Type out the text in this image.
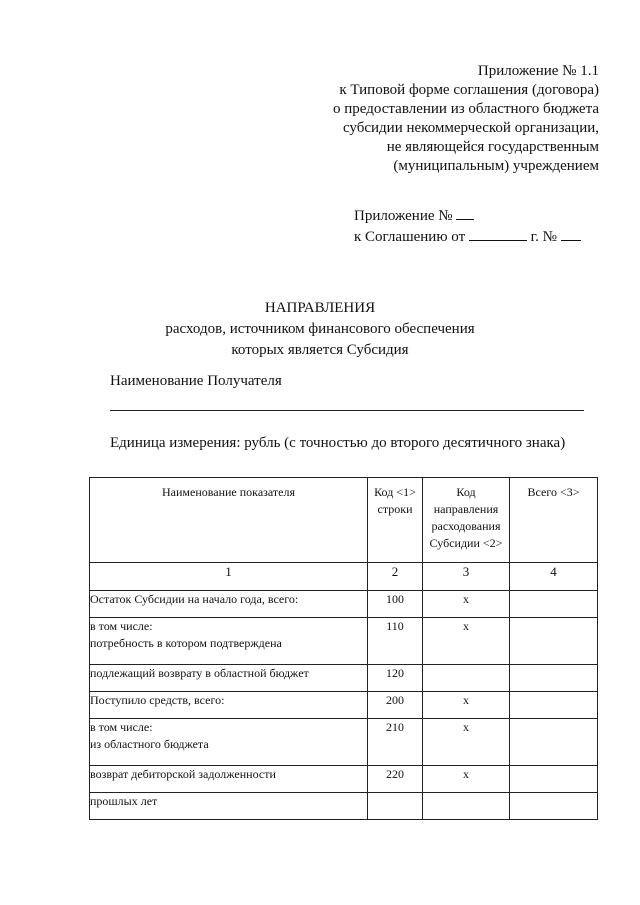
Приложение № 1.1
к Типовой форме соглашения (договора)
о предоставлении из областного бюджета
субсидии некоммерческой организации,
не являющейся государственным
(муниципальным) учреждением
Приложение №
к Соглашению от	г. №
НАПРАВЛЕНИЯ
расходов, источником финансового обеспечения
которых является Субсидия
Наименование Получателя
Единица измерения: рубль (с точностью до второго десятичного знака)
Наименование показателя	Код <1> строки	Код направления расходования Субсидии <2>	Всего <3>
1	2	3	4
Остаток Субсидии на начало года, всего:	100	x	

в том числе:
потребность в котором подтверждена	110	x	
подлежащий возврату в областной бюджет	120		
Поступило средств, всего:	200	x	

в том числе:
из областного бюджета	210	x	
возврат дебиторской задолженности	220	x	
прошлых лет			
